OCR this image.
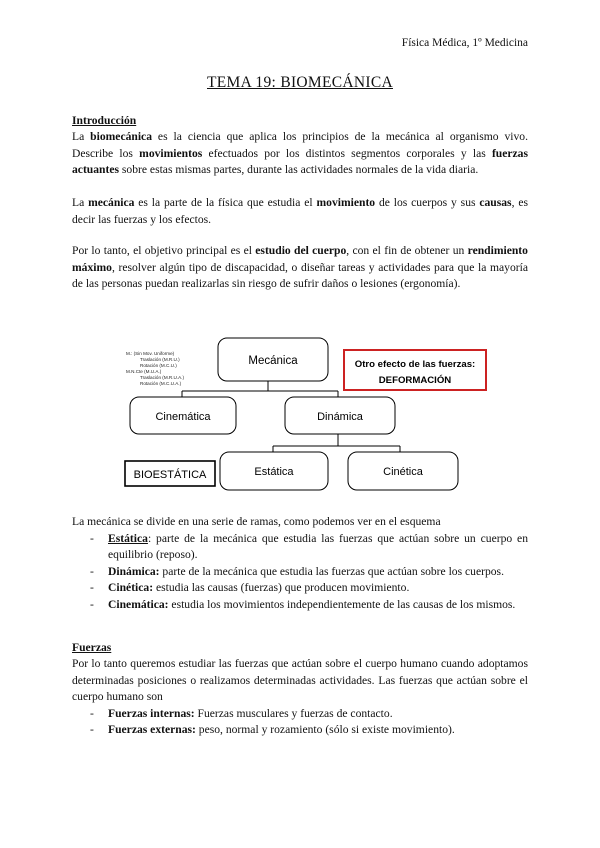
Física Médica, 1º Medicina
TEMA 19: BIOMECÁNICA
Introducción
La biomecánica es la ciencia que aplica los principios de la mecánica al organismo vivo. Describe los movimientos efectuados por los distintos segmentos corporales y las fuerzas actuantes sobre estas mismas partes, durante las actividades normales de la vida diaria.
La mecánica es la parte de la física que estudia el movimiento de los cuerpos y sus causas, es decir las fuerzas y los efectos.
Por lo tanto, el objetivo principal es el estudio del cuerpo, con el fin de obtener un rendimiento máximo, resolver algún tipo de discapacidad, o diseñar tareas y actividades para que la mayoría de las personas puedan realizarlas sin riesgo de sufrir daños o lesiones (ergonomía).
M.: (Sin Mov. Uniforme)
Traslación (M.R.U.)
Rotación (M.C.U.)
M.N.Cte (M.U.A.)
Traslación (M.R.U.A.)
Rotación (M.C.U.A.)
Mecánica	Otro efecto de las fuerzas:
DEFORMACIÓN
Cinemática	Dinámica
BIOESTÁTICA	Estática	Cinética
La mecánica se divide en una serie de ramas, como podemos ver en el esquema
- Estática: parte de la mecánica que estudia las fuerzas que actúan sobre un cuerpo en equilibrio (reposo).
- Dinámica: parte de la mecánica que estudia las fuerzas que actúan sobre los cuerpos.
- Cinética: estudia las causas (fuerzas) que producen movimiento.
- Cinemática: estudia los movimientos independientemente de las causas de los mismos.
Fuerzas
Por lo tanto queremos estudiar las fuerzas que actúan sobre el cuerpo humano cuando adoptamos determinadas posiciones o realizamos determinadas actividades. Las fuerzas que actúan sobre el cuerpo humano son
- Fuerzas internas: Fuerzas musculares y fuerzas de contacto.
- Fuerzas externas: peso, normal y rozamiento (sólo si existe movimiento).
